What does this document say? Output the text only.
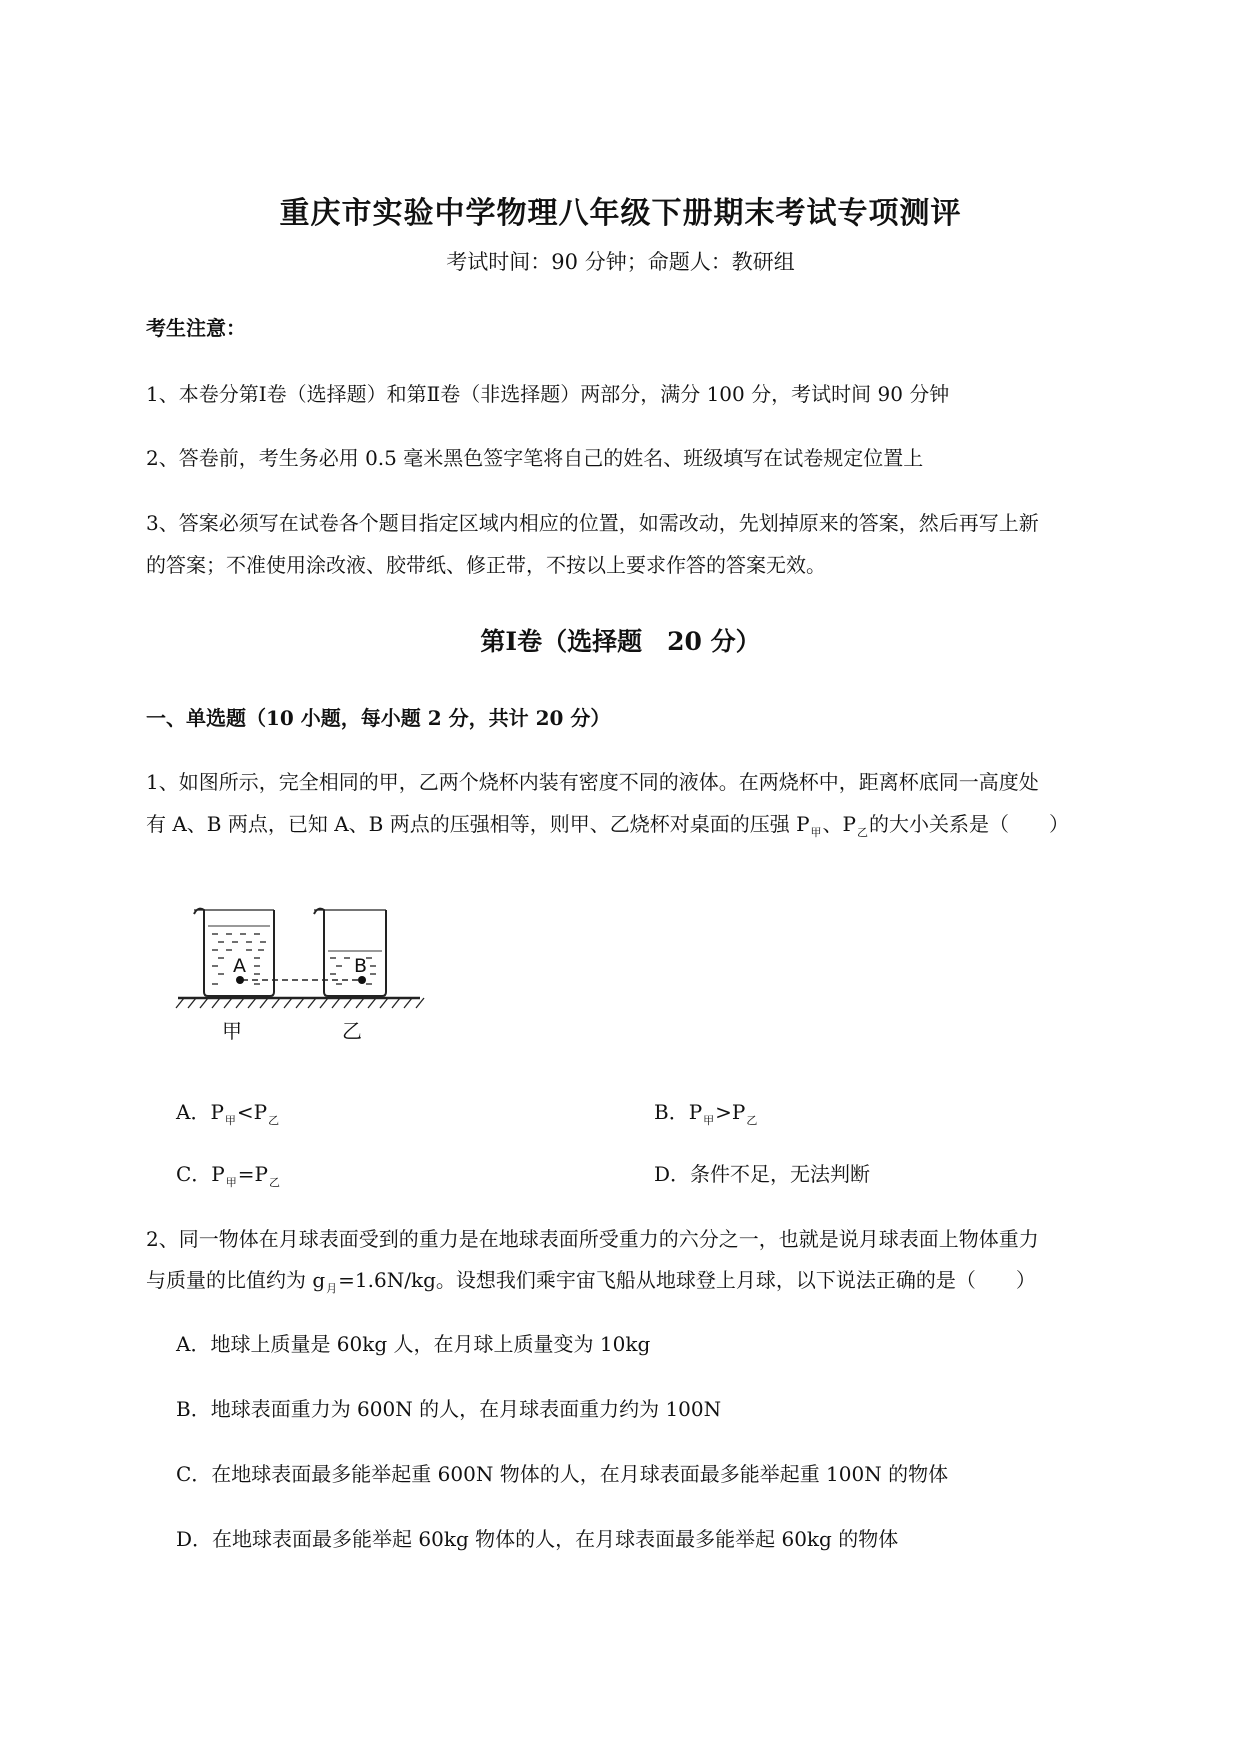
重庆市实验中学物理八年级下册期末考试专项测评
考试时间：90 分钟；命题人：教研组
考生注意：
1、本卷分第Ⅰ卷（选择题）和第Ⅱ卷（非选择题）两部分，满分 100 分，考试时间 90 分钟
2、答卷前，考生务必用 0.5 毫米黑色签字笔将自己的姓名、班级填写在试卷规定位置上
3、答案必须写在试卷各个题目指定区域内相应的位置，如需改动，先划掉原来的答案，然后再写上新
的答案；不准使用涂改液、胶带纸、修正带，不按以上要求作答的答案无效。
第Ⅰ卷（选择题　20 分）
一、单选题（10 小题，每小题 2 分，共计 20 分）
1、如图所示，完全相同的甲，乙两个烧杯内装有密度不同的液体。在两烧杯中，距离杯底同一高度处
有 A、B 两点，已知 A、B 两点的压强相等，则甲、乙烧杯对桌面的压强 $P_甲$、$P_乙$的大小关系是（　　）
A	B
甲	乙
A．$P_甲<P_乙$	B．$P_甲>P_乙$
C．$P_甲=P_乙$	D．条件不足，无法判断
2、同一物体在月球表面受到的重力是在地球表面所受重力的六分之一，也就是说月球表面上物体重力
与质量的比值约为 $g_月=1.6N/kg$。设想我们乘宇宙飞船从地球登上月球，以下说法正确的是（　　）
A．地球上质量是 60kg 人，在月球上质量变为 10kg
B．地球表面重力为 600N 的人，在月球表面重力约为 100N
C．在地球表面最多能举起重 600N 物体的人，在月球表面最多能举起重 100N 的物体
D．在地球表面最多能举起 60kg 物体的人，在月球表面最多能举起 60kg 的物体
